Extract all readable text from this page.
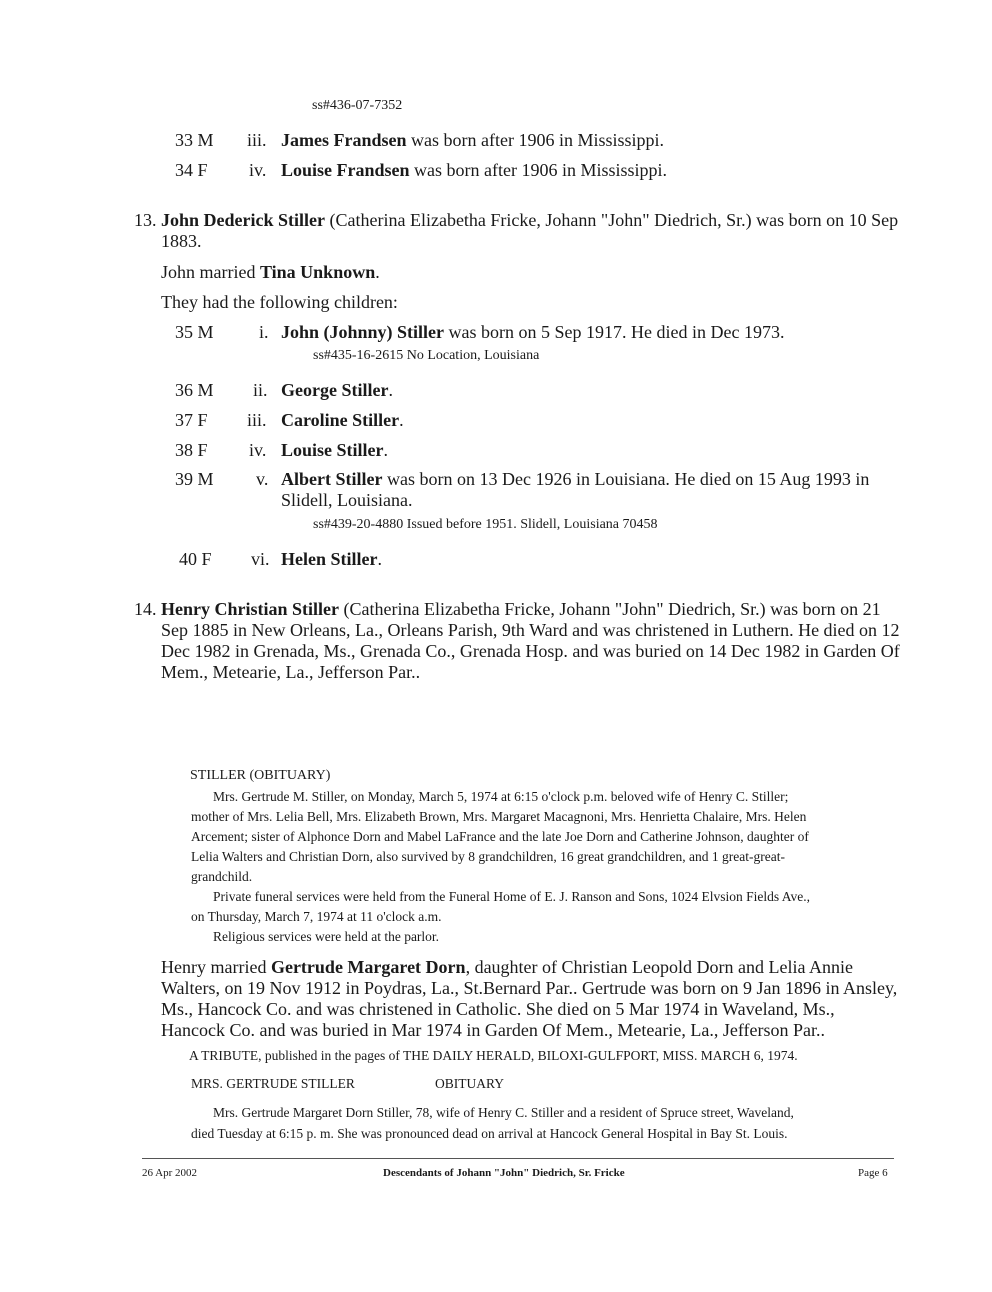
ss#436-07-7352
33 M iii. James Frandsen was born after 1906 in Mississippi.
34 F iv. Louise Frandsen was born after 1906 in Mississippi.
13. John Dederick Stiller (Catherina Elizabetha Fricke, Johann "John" Diedrich, Sr.) was born on 10 Sep
1883.
John married Tina Unknown.
They had the following children:
35 M	i. John (Johnny) Stiller was born on 5 Sep 1917. He died in Dec 1973.
ss#435-16-2615 No Location, Louisiana
36 M ii. George Stiller.
37 F iii. Caroline Stiller.
38 F iv. Louise Stiller.
39 M v. Albert Stiller was born on 13 Dec 1926 in Louisiana. He died on 15 Aug 1993 in
Slidell, Louisiana.
ss#439-20-4880 Issued before 1951. Slidell, Louisiana 70458
40 F vi. Helen Stiller.
14. Henry Christian Stiller (Catherina Elizabetha Fricke, Johann "John" Diedrich, Sr.) was born on 21
Sep 1885 in New Orleans, La., Orleans Parish, 9th Ward and was christened in Luthern. He died on 12
Dec 1982 in Grenada, Ms., Grenada Co., Grenada Hosp. and was buried on 14 Dec 1982 in Garden Of
Mem., Metearie, La., Jefferson Par..
STILLER (OBITUARY)
Mrs. Gertrude M. Stiller, on Monday, March 5, 1974 at 6:15 o'clock p.m. beloved wife of Henry C. Stiller;
mother of Mrs. Lelia Bell, Mrs. Elizabeth Brown, Mrs. Margaret Macagnoni, Mrs. Henrietta Chalaire, Mrs. Helen
Arcement; sister of Alphonce Dorn and Mabel LaFrance and the late Joe Dorn and Catherine Johnson, daughter of
Lelia Walters and Christian Dorn, also survived by 8 grandchildren, 16 great grandchildren, and 1 great-great-
grandchild.
Private funeral services were held from the Funeral Home of E. J. Ranson and Sons, 1024 Elvsion Fields Ave.,
on Thursday, March 7, 1974 at 11 o'clock a.m.
Religious services were held at the parlor.
Henry married Gertrude Margaret Dorn, daughter of Christian Leopold Dorn and Lelia Annie
Walters, on 19 Nov 1912 in Poydras, La., St.Bernard Par.. Gertrude was born on 9 Jan 1896 in Ansley,
Ms., Hancock Co. and was christened in Catholic. She died on 5 Mar 1974 in Waveland, Ms.,
Hancock Co. and was buried in Mar 1974 in Garden Of Mem., Metearie, La., Jefferson Par..
A TRIBUTE, published in the pages of THE DAILY HERALD, BILOXI-GULFPORT, MISS. MARCH 6, 1974.
MRS. GERTRUDE STILLER	OBITUARY
Mrs. Gertrude Margaret Dorn Stiller, 78, wife of Henry C. Stiller and a resident of Spruce street, Waveland,
died Tuesday at 6:15 p. m. She was pronounced dead on arrival at Hancock General Hospital in Bay St. Louis.
26 Apr 2002	Descendants of Johann "John" Diedrich, Sr. Fricke	Page 6
